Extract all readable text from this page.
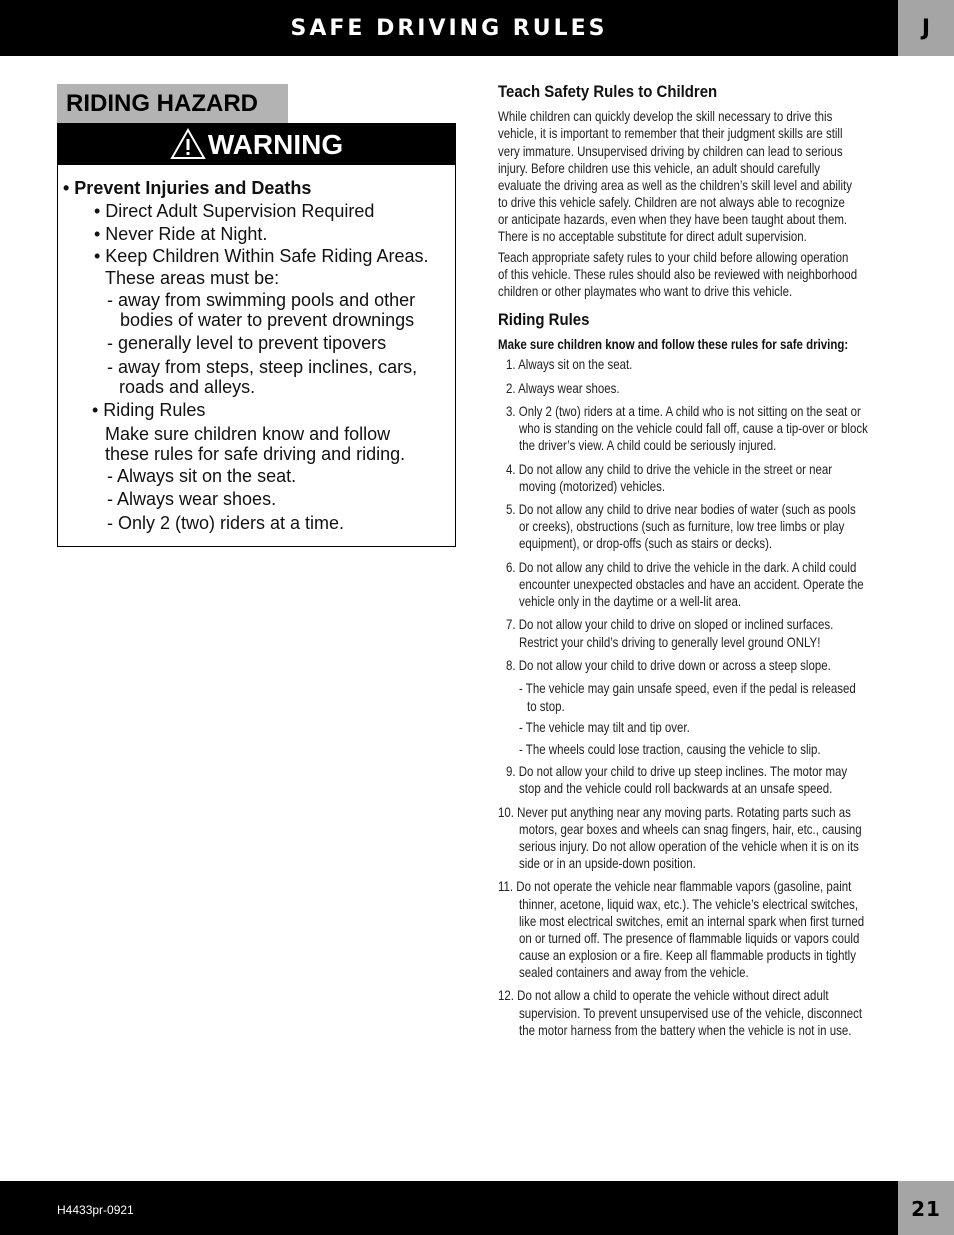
SAFE DRIVING RULES	J
RIDING HAZARD
WARNING
• Prevent Injuries and Deaths
• Direct Adult Supervision Required
• Never Ride at Night.
• Keep Children Within Safe Riding Areas.
These areas must be:
- away from swimming pools and other
bodies of water to prevent drownings
- generally level to prevent tipovers
- away from steps, steep inclines, cars,
roads and alleys.
• Riding Rules
Make sure children know and follow
these rules for safe driving and riding.
- Always sit on the seat.
- Always wear shoes.
- Only 2 (two) riders at a time.
Teach Safety Rules to Children
While children can quickly develop the skill necessary to drive this
vehicle, it is important to remember that their judgment skills are still
very immature. Unsupervised driving by children can lead to serious
injury. Before children use this vehicle, an adult should carefully
evaluate the driving area as well as the children’s skill level and ability
to drive this vehicle safely. Children are not always able to recognize
or anticipate hazards, even when they have been taught about them.
There is no acceptable substitute for direct adult supervision.
Teach appropriate safety rules to your child before allowing operation
of this vehicle. These rules should also be reviewed with neighborhood
children or other playmates who want to drive this vehicle.
Riding Rules
Make sure children know and follow these rules for safe driving:
1. Always sit on the seat.
2. Always wear shoes.
3. Only 2 (two) riders at a time. A child who is not sitting on the seat or
who is standing on the vehicle could fall off, cause a tip-over or block
the driver’s view. A child could be seriously injured.
4. Do not allow any child to drive the vehicle in the street or near
moving (motorized) vehicles.
5. Do not allow any child to drive near bodies of water (such as pools
or creeks), obstructions (such as furniture, low tree limbs or play
equipment), or drop-offs (such as stairs or decks).
6. Do not allow any child to drive the vehicle in the dark. A child could
encounter unexpected obstacles and have an accident. Operate the
vehicle only in the daytime or a well-lit area.
7. Do not allow your child to drive on sloped or inclined surfaces.
Restrict your child’s driving to generally level ground ONLY!
8. Do not allow your child to drive down or across a steep slope.
- The vehicle may gain unsafe speed, even if the pedal is released
to stop.
- The vehicle may tilt and tip over.
- The wheels could lose traction, causing the vehicle to slip.
9. Do not allow your child to drive up steep inclines. The motor may
stop and the vehicle could roll backwards at an unsafe speed.
10. Never put anything near any moving parts. Rotating parts such as
motors, gear boxes and wheels can snag fingers, hair, etc., causing
serious injury. Do not allow operation of the vehicle when it is on its
side or in an upside-down position.
11. Do not operate the vehicle near flammable vapors (gasoline, paint
thinner, acetone, liquid wax, etc.). The vehicle’s electrical switches,
like most electrical switches, emit an internal spark when first turned
on or turned off. The presence of flammable liquids or vapors could
cause an explosion or a fire. Keep all flammable products in tightly
sealed containers and away from the vehicle.
12. Do not allow a child to operate the vehicle without direct adult
supervision. To prevent unsupervised use of the vehicle, disconnect
the motor harness from the battery when the vehicle is not in use.
H4433pr-0921	21
